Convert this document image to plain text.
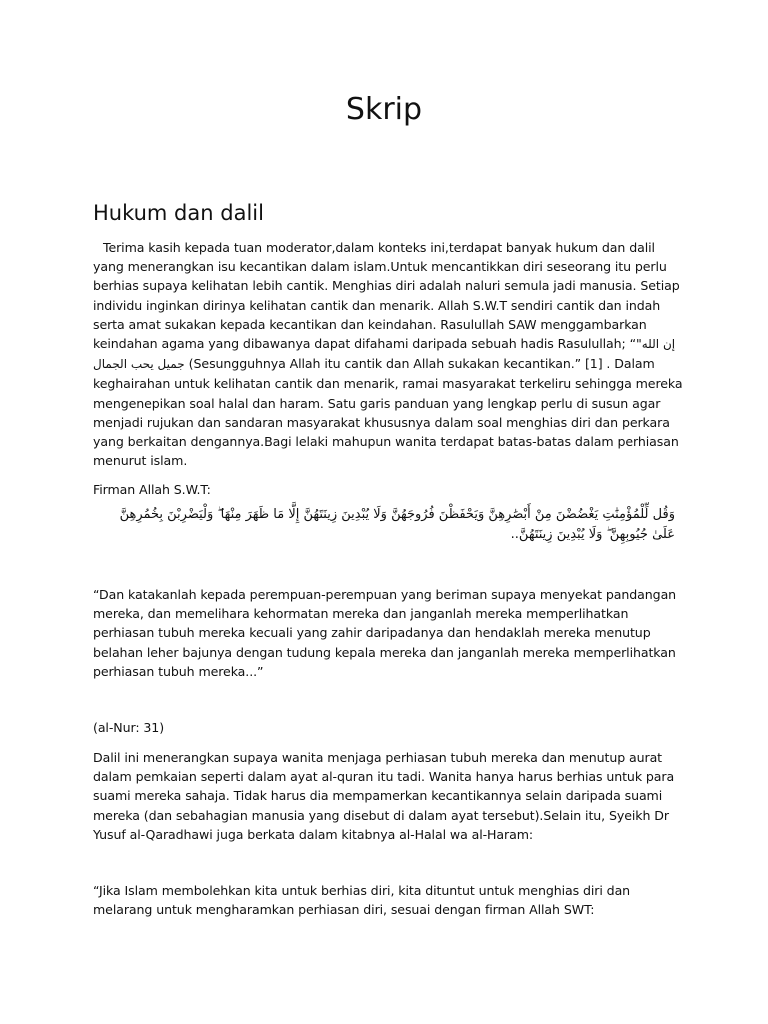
Skrip
Hukum dan dalil

Terima kasih kepada tuan moderator,dalam konteks ini,terdapat banyak hukum dan dalil yang menerangkan isu kecantikan dalam islam.Untuk mencantikkan diri seseorang itu perlu berhias supaya kelihatan lebih cantik. Menghias diri adalah naluri semula jadi manusia. Setiap individu inginkan dirinya kelihatan cantik dan menarik. Allah S.W.T sendiri cantik dan indah serta amat sukakan kepada kecantikan dan keindahan. Rasulullah SAW menggambarkan keindahan agama yang dibawanya dapat difahami daripada sebuah hadis Rasulullah; “"إن الله جميل يحب الجمال (Sesungguhnya Allah itu cantik dan Allah sukakan kecantikan.” [1] . Dalam keghairahan untuk kelihatan cantik dan menarik, ramai masyarakat terkeliru sehingga mereka mengenepikan soal halal dan haram. Satu garis panduan yang lengkap perlu di susun agar menjadi rujukan dan sandaran masyarakat khususnya dalam soal menghias diri dan perkara yang berkaitan dengannya.Bagi lelaki mahupun wanita terdapat batas-batas dalam perhiasan menurut islam.

Firman Allah S.W.T:

وَقُل لِّلْمُؤْمِنَٰتِ يَغْضُضْنَ مِنْ أَبْصَٰرِهِنَّ وَيَحْفَظْنَ فُرُوجَهُنَّ وَلَا يُبْدِينَ زِينَتَهُنَّ إِلَّا مَا ظَهَرَ مِنْهَا ۖ وَلْيَضْرِبْنَ بِخُمُرِهِنَّ عَلَىٰ جُيُوبِهِنَّ ۖ وَلَا يُبْدِينَ زِينَتَهُنَّ..

“Dan katakanlah kepada perempuan-perempuan yang beriman supaya menyekat pandangan mereka, dan memelihara kehormatan mereka dan janganlah mereka memperlihatkan perhiasan tubuh mereka kecuali yang zahir daripadanya dan hendaklah mereka menutup belahan leher bajunya dengan tudung kepala mereka dan janganlah mereka memperlihatkan perhiasan tubuh mereka...”

(al-Nur: 31)

Dalil ini menerangkan supaya wanita menjaga perhiasan tubuh mereka dan menutup aurat dalam pemkaian seperti dalam ayat al-quran itu tadi. Wanita hanya harus berhias untuk para suami mereka sahaja. Tidak harus dia mempamerkan kecantikannya selain daripada suami mereka (dan sebahagian manusia yang disebut di dalam ayat tersebut).Selain itu, Syeikh Dr Yusuf al-Qaradhawi juga berkata dalam kitabnya al-Halal wa al-Haram:

“Jika Islam membolehkan kita untuk berhias diri, kita dituntut untuk menghias diri dan melarang untuk mengharamkan perhiasan diri, sesuai dengan firman Allah SWT:
